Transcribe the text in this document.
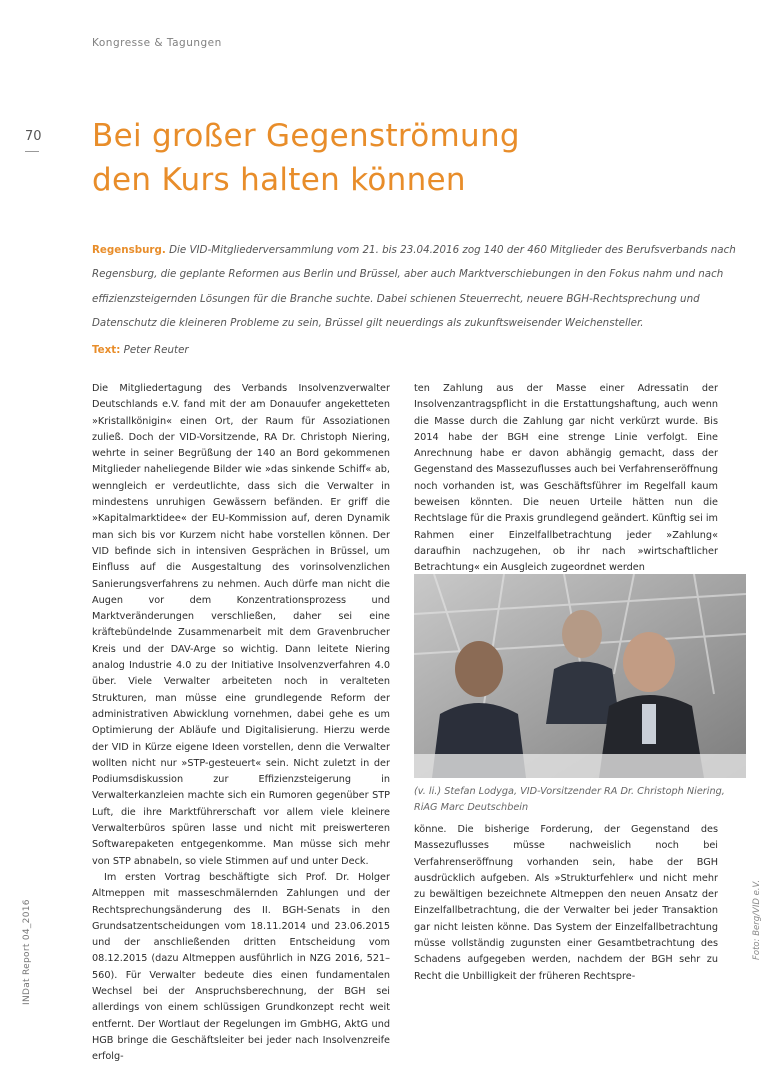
Kongresse & Tagungen
70 Bei großer Gegenströmung
den Kurs halten können

Regensburg. Die VID-Mitgliederversammlung vom 21. bis 23.04.2016 zog 140 der 460 Mitglieder des Berufsverbands nach Regensburg, die geplante Reformen aus Berlin und Brüssel, aber auch Marktverschiebungen in den Fokus nahm und nach effizienzsteigernden Lösungen für die Branche suchte. Dabei schienen Steuerrecht, neuere BGH-Rechtsprechung und Datenschutz die kleineren Probleme zu sein, Brüssel gilt neuerdings als zukunftsweisender Weichensteller.

Text: Peter Reuter

Die Mitgliedertagung des Verbands Insolvenzverwalter Deutschlands e.V. fand mit der am Donauufer angeketteten »Kristallkönigin« einen Ort, der Raum für Assoziationen zuließ. Doch der VID-Vorsitzende, RA Dr. Christoph Niering, wehrte in seiner Begrüßung der 140 an Bord gekommenen Mitglieder naheliegende Bilder wie »das sinkende Schiff« ab, wenngleich er verdeutlichte, dass sich die Verwalter in mindestens unruhigen Gewässern befänden. Er griff die »Kapitalmarktidee« der EU-Kommission auf, deren Dynamik man sich bis vor Kurzem nicht habe vorstellen können. Der VID befinde sich in intensiven Gesprächen in Brüssel, um Einfluss auf die Ausgestaltung des vorinsolvenzlichen Sanierungsverfahrens zu nehmen. Auch dürfe man nicht die Augen vor dem Konzentrationsprozess und Marktveränderungen verschließen, daher sei eine kräftebündelnde Zusammenarbeit mit dem Gravenbrucher Kreis und der DAV-Arge so wichtig. Dann leitete Niering analog Industrie 4.0 zu der Initiative Insolvenzverfahren 4.0 über. Viele Verwalter arbeiteten noch in veralteten Strukturen, man müsse eine grundlegende Reform der administrativen Abwicklung vornehmen, dabei gehe es um Optimierung der Abläufe und Digitalisierung. Hierzu werde der VID in Kürze eigene Ideen vorstellen, denn die Verwalter wollten nicht nur »STP-gesteuert« sein. Nicht zuletzt in der Podiumsdiskussion zur Effizienzsteigerung in Verwalterkanzleien machte sich ein Rumoren gegenüber STP Luft, die ihre Marktführerschaft vor allem viele kleinere Verwalterbüros spüren lasse und nicht mit preiswerteren Softwarepaketen entgegenkomme. Man müsse sich mehr von STP abnabeln, so viele Stimmen auf und unter Deck.

Im ersten Vortrag beschäftigte sich Prof. Dr. Holger Altmeppen mit masseschmälernden Zahlungen und der Rechtsprechungsänderung des II. BGH-Senats in den Grundsatzentscheidungen vom 18.11.2014 und 23.06.2015 und der anschließenden dritten Entscheidung vom 08.12.2015 (dazu Altmeppen ausführlich in NZG 2016, 521–560). Für Verwalter bedeute dies einen fundamentalen Wechsel bei der Anspruchsberechnung, der BGH sei allerdings von einem schlüssigen Grundkonzept recht weit entfernt. Der Wortlaut der Regelungen im GmbHG, AktG und HGB bringe die Geschäftsleiter bei jeder nach Insolvenzreife erfolg-

ten Zahlung aus der Masse einer Adressatin der Insolvenzantragspflicht in die Erstattungshaftung, auch wenn die Masse durch die Zahlung gar nicht verkürzt wurde. Bis 2014 habe der BGH eine strenge Linie verfolgt. Eine Anrechnung habe er davon abhängig gemacht, dass der Gegenstand des Massezuflusses auch bei Verfahrenseröffnung noch vorhanden ist, was Geschäftsführer im Regelfall kaum beweisen könnten. Die neuen Urteile hätten nun die Rechtslage für die Praxis grundlegend geändert. Künftig sei im Rahmen einer Einzelfallbetrachtung jeder »Zahlung« daraufhin nachzugehen, ob ihr nach »wirtschaftlicher Betrachtung« ein Ausgleich zugeordnet werden

(v. li.) Stefan Lodyga, VID-Vorsitzender RA Dr. Christoph Niering, RiAG Marc Deutschbein

könne. Die bisherige Forderung, der Gegenstand des Massezuflusses müsse nachweislich noch bei Verfahrenseröffnung vorhanden sein, habe der BGH ausdrücklich aufgeben. Als »Strukturfehler« und nicht mehr zu bewältigen bezeichnete Altmeppen den neuen Ansatz der Einzelfallbetrachtung, die der Verwalter bei jeder Transaktion gar nicht leisten könne. Das System der Einzelfallbetrachtung müsse vollständig zugunsten einer Gesamtbetrachtung des Schadens aufgegeben werden, nachdem der BGH sehr zu Recht die Unbilligkeit der früheren Rechtspre-

INDat Report 04_2016	Foto: Berg/VID e.V.
